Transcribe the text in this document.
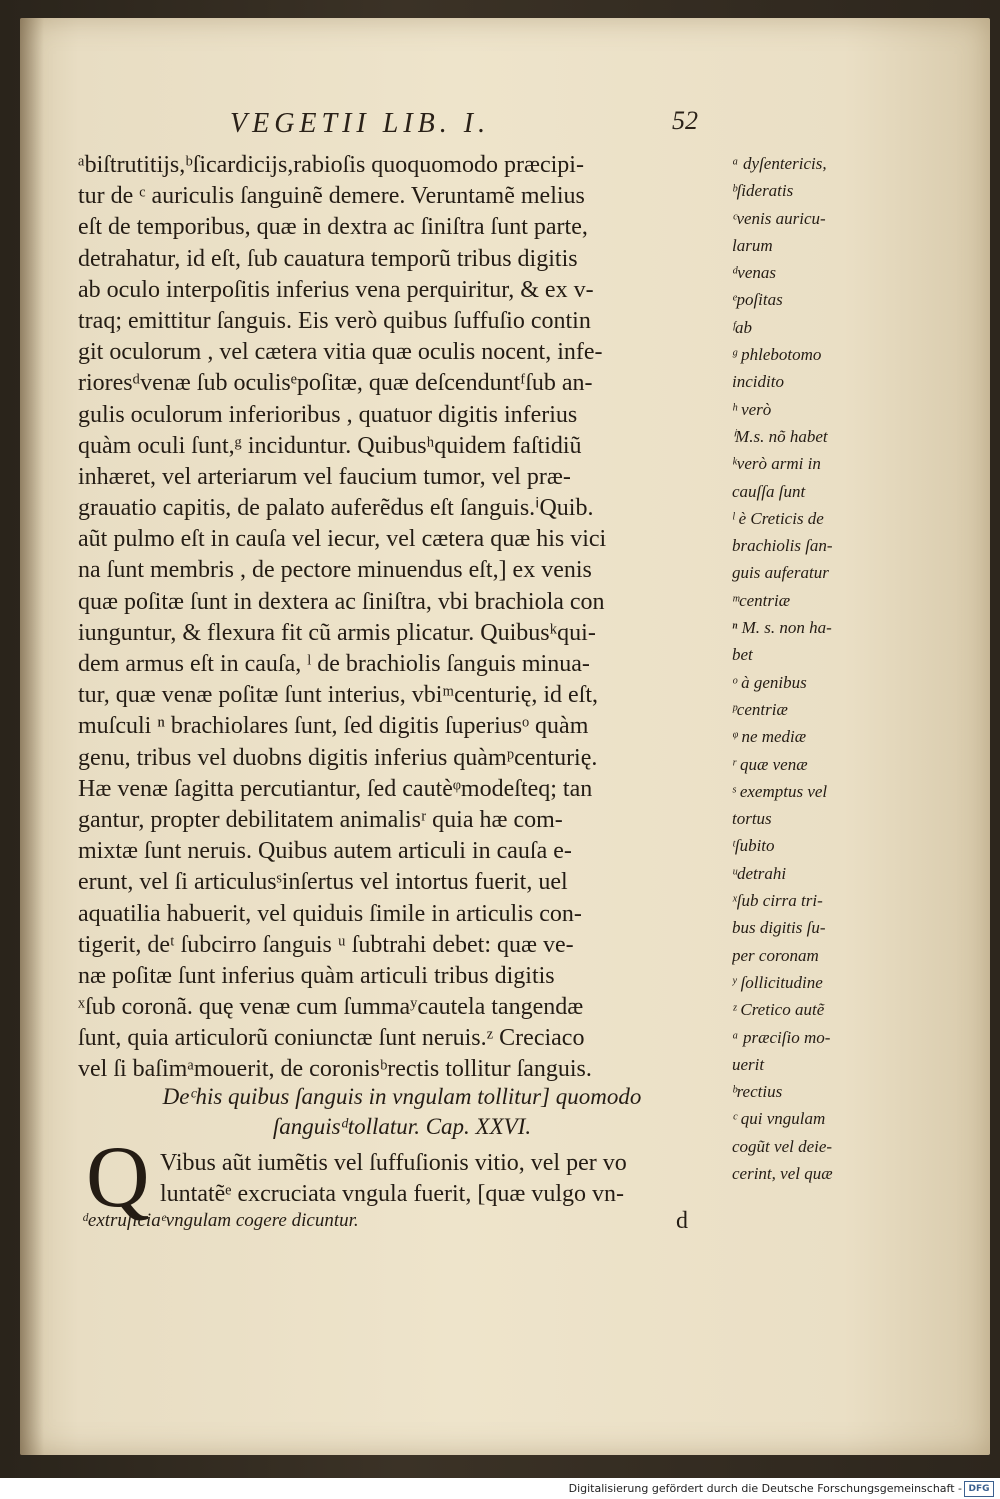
VEGETII LIB. I.	52
ᵃbiſtrutitijs,ᵇſicardicijs,rabioſis quoquomodo præcipi-
tur de ᶜ auriculis ſanguinẽ demere. Veruntamẽ melius
eſt de temporibus, quæ in dextra ac ſiniſtra ſunt parte,
detrahatur, id eſt, ſub cauatura temporũ tribus digitis
ab oculo interpoſitis inferius vena perquiritur, & ex v-
traq; emittitur ſanguis. Eis verò quibus ſuffuſio contin
git oculorum , vel cætera vitia quæ oculis nocent, infe-
rioresᵈvenæ ſub oculisᵉpoſitæ, quæ deſcenduntᶠſub an-
gulis oculorum inferioribus , quatuor digitis inferius
quàm oculi ſunt,ᵍ inciduntur. Quibusʰquidem faſtidiũ
inhæret, vel arteriarum vel faucium tumor, vel præ-
grauatio capitis, de palato auferẽdus eſt ſanguis.ⁱQuib.
aũt pulmo eſt in cauſa vel iecur, vel cætera quæ his vici
na ſunt membris , de pectore minuendus eſt,] ex venis
quæ poſitæ ſunt in dextera ac ſiniſtra, vbi brachiola con
iunguntur, & flexura fit cũ armis plicatur. Quibusᵏqui-
dem armus eſt in cauſa, ˡ de brachiolis ſanguis minua-
tur, quæ venæ poſitæ ſunt interius, vbiᵐcenturię, id eſt,
muſculi ⁿ brachiolares ſunt, ſed digitis ſuperiusᵒ quàm
genu, tribus vel duobns digitis inferius quàmᵖcenturię.
Hæ venæ ſagitta percutiantur, ſed cautèᵠmodeſteq; tan
gantur, propter debilitatem animalisʳ quia hæ com-
mixtæ ſunt neruis. Quibus autem articuli in cauſa e-
erunt, vel ſi articulusˢinſertus vel intortus fuerit, uel
aquatilia habuerit, vel quiduis ſimile in articulis con-
tigerit, deᵗ ſubcirro ſanguis ᵘ ſubtrahi debet: quæ ve-
næ poſitæ ſunt inferius quàm articuli tribus digitis
ˣſub coronã. quę venæ cum ſummaʸcautela tangendæ
ſunt, quia articulorũ coniunctæ ſunt neruis.ᶻ Creciaco
vel ſi baſimᵃmouerit, de coronisᵇrectis tollitur ſanguis.
Deᶜhis quibus ſanguis in vngulam tollitur] quomodo
ſanguisᵈtollatur. Cap. XXVI.
Q Vibus aũt iumẽtis vel ſuffuſionis vitio, vel per vo
luntatẽᵉ excruciata vngula fuerit, [quæ vulgo vn-
ᵈextruſiciaᵉvngulam cogere dicuntur.	d
ᵃ dyſentericis,
ᵇſideratis
ᶜvenis auricu-
larum
ᵈvenas
ᵉpoſitas
ᶠab
ᵍ phlebotomo
incidito
ʰ verò
ⁱM.s. nõ habet
ᵏverò armi in
cauſſa ſunt
ˡ è Creticis de
brachiolis ſan-
guis auferatur
ᵐcentriæ
ⁿ M. s. non ha-
bet
ᵒ à genibus
ᵖcentriæ
ᵠ ne mediæ
ʳ quæ venæ
ˢ exemptus vel
tortus
ᵗſubito
ᵘdetrahi
ˣſub cirra tri-
bus digitis ſu-
per coronam
ʸ ſollicitudine
ᶻ Cretico autẽ
ᵃ præciſio mo-
uerit
ᵇrectius
ᶜ qui vngulam
cogũt vel deie-
cerint, vel quæ
Digitalisierung gefördert durch die Deutsche Forschungsgemeinschaft - DFG
